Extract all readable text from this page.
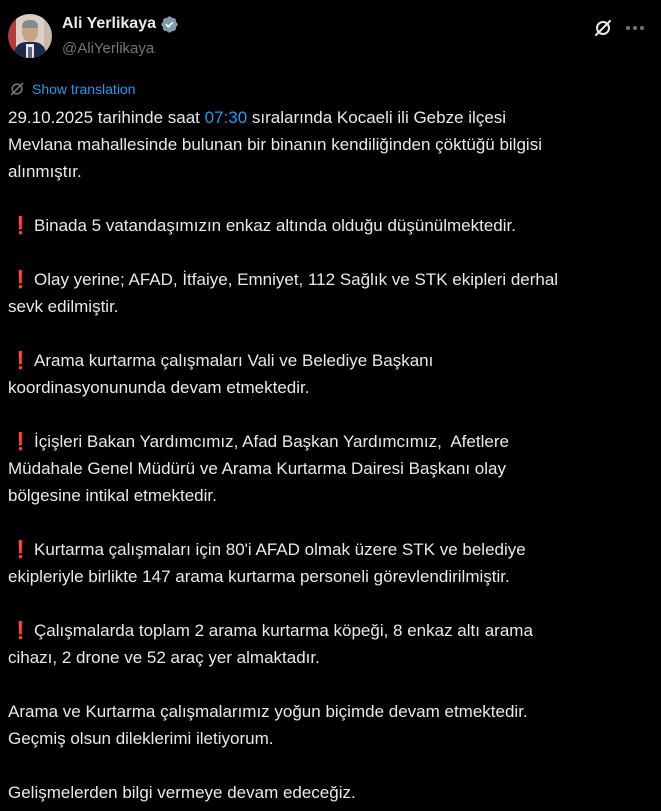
Ali Yerlikaya
@AliYerlikaya
Show translation
29.10.2025 tarihinde saat 07:30 sıralarında Kocaeli ili Gebze ilçesi
Mevlana mahallesinde bulunan bir binanın kendiliğinden çöktüğü bilgisi
alınmıştır.
❗ Binada 5 vatandaşımızın enkaz altında olduğu düşünülmektedir.
❗ Olay yerine; AFAD, İtfaiye, Emniyet, 112 Sağlık ve STK ekipleri derhal
sevk edilmiştir.
❗ Arama kurtarma çalışmaları Vali ve Belediye Başkanı
koordinasyonununda devam etmektedir.
❗ İçişleri Bakan Yardımcımız, Afad Başkan Yardımcımız,  Afetlere
Müdahale Genel Müdürü ve Arama Kurtarma Dairesi Başkanı olay
bölgesine intikal etmektedir.
❗ Kurtarma çalışmaları için 80'i AFAD olmak üzere STK ve belediye
ekipleriyle birlikte 147 arama kurtarma personeli görevlendirilmiştir.
❗ Çalışmalarda toplam 2 arama kurtarma köpeği, 8 enkaz altı arama
cihazı, 2 drone ve 52 araç yer almaktadır.
Arama ve Kurtarma çalışmalarımız yoğun biçimde devam etmektedir.
Geçmiş olsun dileklerimi iletiyorum.
Gelişmelerden bilgi vermeye devam edeceğiz.
